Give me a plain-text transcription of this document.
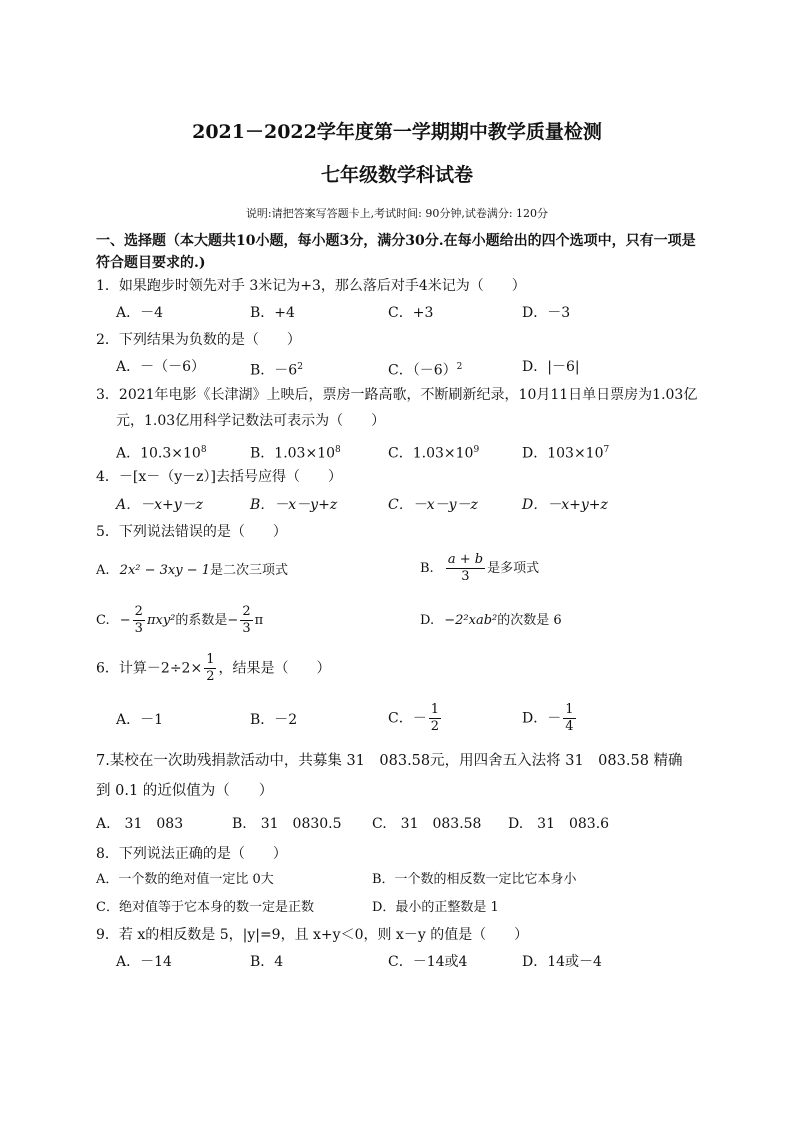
2021－2022学年度第一学期期中教学质量检测
七年级数学科试卷
说明:请把答案写答题卡上,考试时间: 90分钟,试卷满分: 120分
一、选择题（本大题共10小题，每小题3分，满分30分.在每小题给出的四个选项中，只有一项是
符合题目要求的.)
1．如果跑步时领先对手 3米记为+3，那么落后对手4米记为（　　）
A．－4	B．+4	C．+3	D．－3
2．下列结果为负数的是（　　）
A．－（－6）	B．$-6^2$	C．$(-6)^2$	D．|－6|
3．2021年电影《长津湖》上映后，票房一路高歌，不断刷新纪录，10月11日单日票房为1.03亿
元，1.03亿用科学记数法可表示为（　　）
A．$10.3\times 10^8$	B．$1.03\times 10^8$	C．$1.03\times 10^9$	D．$103\times 10^7$
4．－[x－（y－z）]去括号应得（　　）
A．－x+y－z	B．－x－y+z	C．－x－y－z	D．－x+y+z
5．下列说法错误的是（　　）
A. 2x² − 3xy − 1是二次三项式	B. $\frac{a + b}{3}$ 是多项式
C. − $\frac{2}{3} \pi xy^2$的系数是− $\frac{2}{3}$ π	D. −2²xab²的次数是 6
6．计算$-2\div 2\times \frac{1}{2}$ ，结果是（　　）
A．－1	B．－2	C．－ $\frac{1}{2}$	D．－ $\frac{1}{4}$
7.某校在一次助残捐款活动中，共募集 31　083.58元，用四舍五入法将 31　083.58 精确
到 0.1 的近似值为（　　）
A.　31　083	B.　31　0830.5 C.　31　083.58 D.　31　083.6
8．下列说法正确的是（　　）
A．一个数的绝对值一定比 0大	B．一个数的相反数一定比它本身小
C．绝对值等于它本身的数一定是正数	D．最小的正整数是 1
9．若 x的相反数是 5，|y|=9，且 x+y＜0，则 x－y 的值是（　　）
A．－14	B．4	C．－14或4	D．14或－4
